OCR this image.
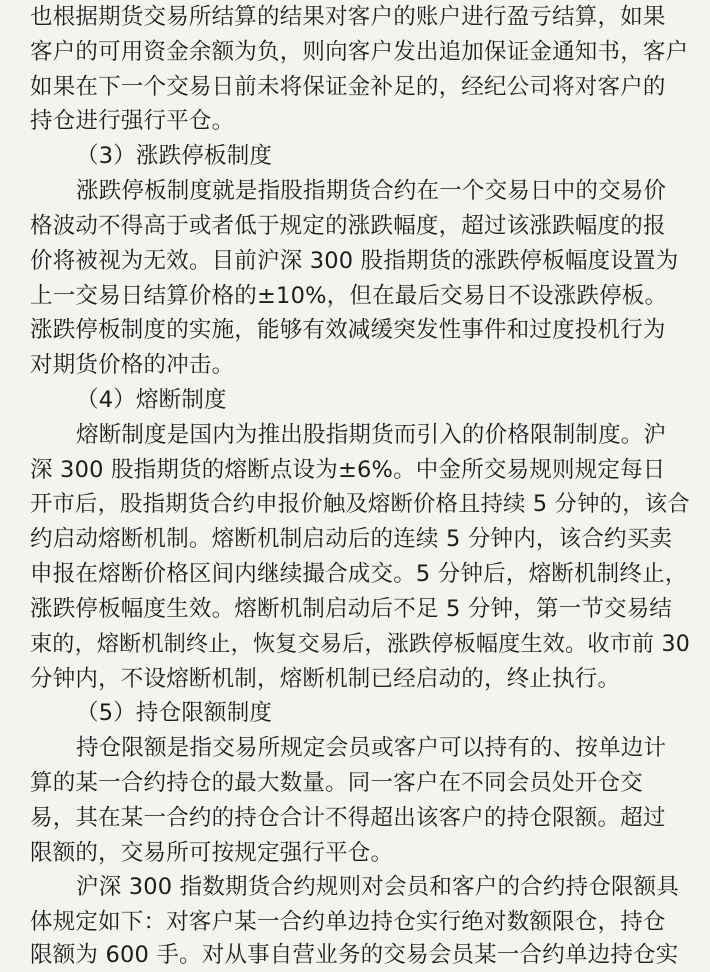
也根据期货交易所结算的结果对客户的账户进行盈亏结算，如果
客户的可用资金余额为负，则向客户发出追加保证金通知书，客户
如果在下一个交易日前未将保证金补足的，经纪公司将对客户的
持仓进行强行平仓。
（3）涨跌停板制度
涨跌停板制度就是指股指期货合约在一个交易日中的交易价
格波动不得高于或者低于规定的涨跌幅度，超过该涨跌幅度的报
价将被视为无效。目前沪深 300 股指期货的涨跌停板幅度设置为
上一交易日结算价格的±10%，但在最后交易日不设涨跌停板。
涨跌停板制度的实施，能够有效减缓突发性事件和过度投机行为
对期货价格的冲击。
（4）熔断制度
熔断制度是国内为推出股指期货而引入的价格限制制度。沪
深 300 股指期货的熔断点设为±6%。中金所交易规则规定每日
开市后，股指期货合约申报价触及熔断价格且持续 5 分钟的，该合
约启动熔断机制。熔断机制启动后的连续 5 分钟内，该合约买卖
申报在熔断价格区间内继续撮合成交。5 分钟后，熔断机制终止，
涨跌停板幅度生效。熔断机制启动后不足 5 分钟，第一节交易结
束的，熔断机制终止，恢复交易后，涨跌停板幅度生效。收市前 30
分钟内，不设熔断机制，熔断机制已经启动的，终止执行。
（5）持仓限额制度
持仓限额是指交易所规定会员或客户可以持有的、按单边计
算的某一合约持仓的最大数量。同一客户在不同会员处开仓交
易，其在某一合约的持仓合计不得超出该客户的持仓限额。超过
限额的，交易所可按规定强行平仓。
沪深 300 指数期货合约规则对会员和客户的合约持仓限额具
体规定如下：对客户某一合约单边持仓实行绝对数额限仓，持仓
限额为 600 手。对从事自营业务的交易会员某一合约单边持仓实
